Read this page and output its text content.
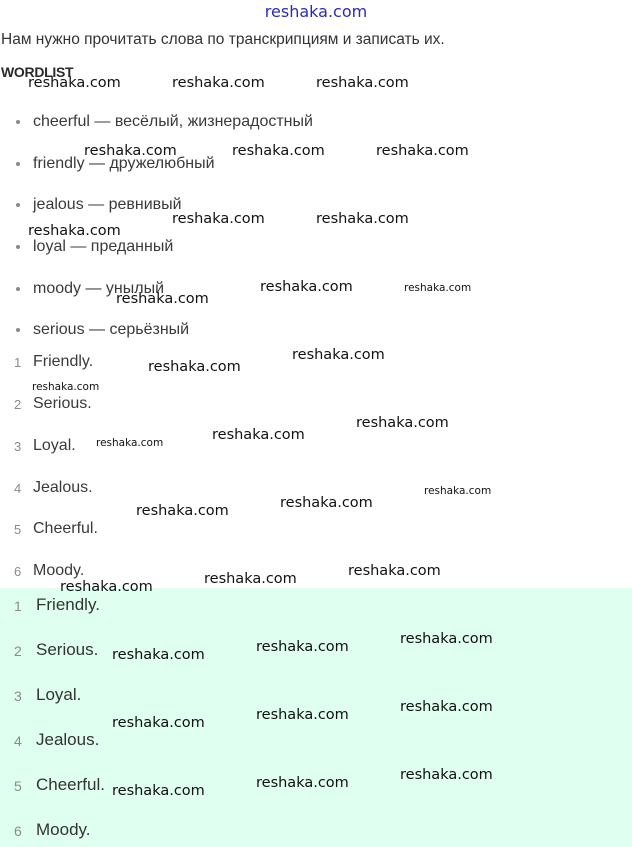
reshaka.com
Нам нужно прочитать слова по транскрипциям и записать их.
WORDLIST
cheerful — весёлый, жизнерадостный
friendly — дружелюбный
jealous — ревнивый
loyal — преданный
moody — унылый
serious — серьёзный
1 Friendly.
2 Serious.
3 Loyal.
4 Jealous.
5 Cheerful.
6 Moody.
1 Friendly.
2 Serious.
3 Loyal.
4 Jealous.
5 Cheerful.
6 Moody.
reshaka.com	reshaka.com	reshaka.com
reshaka.com	reshaka.com	reshaka.com
reshaka.com	reshaka.com
reshaka.com
reshaka.com
reshaka.com	reshaka.com
reshaka.com
reshaka.com
reshaka.com
reshaka.com
reshaka.com
reshaka.com
reshaka.com
reshaka.com
reshaka.com
reshaka.com
reshaka.com
reshaka.com
reshaka.com
reshaka.com
reshaka.com
reshaka.com
reshaka.com
reshaka.com
reshaka.com
reshaka.com
reshaka.com
